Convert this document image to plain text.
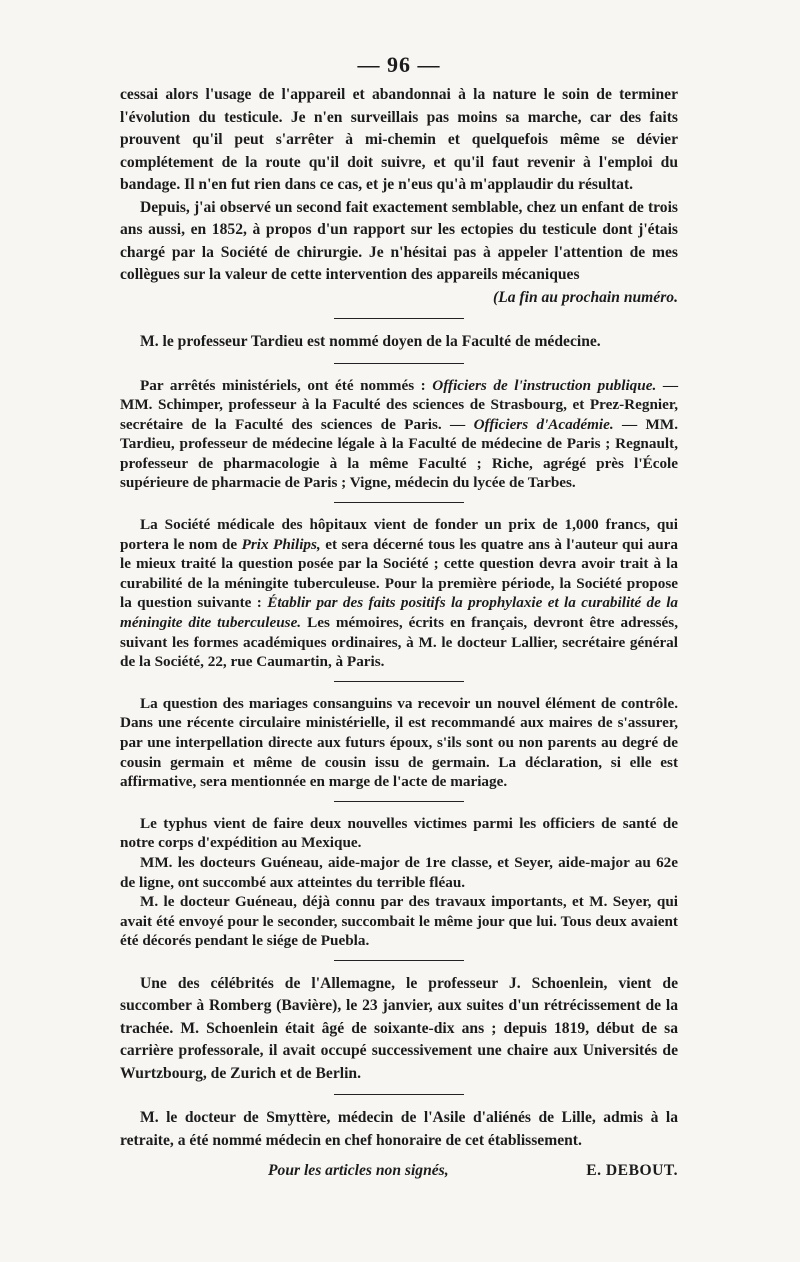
— 96 —

cessai alors l'usage de l'appareil et abandonnai à la nature le soin de terminer l'évolution du testicule. Je n'en surveillais pas moins sa marche, car des faits prouvent qu'il peut s'arrêter à mi-chemin et quelquefois même se dévier complétement de la route qu'il doit suivre, et qu'il faut revenir à l'emploi du bandage. Il n'en fut rien dans ce cas, et je n'eus qu'à m'applaudir du résultat.

Depuis, j'ai observé un second fait exactement semblable, chez un enfant de trois ans aussi, en 1852, à propos d'un rapport sur les ectopies du testicule dont j'étais chargé par la Société de chirurgie. Je n'hésitai pas à appeler l'attention de mes collègues sur la valeur de cette intervention des appareils mécaniques

(La fin au prochain numéro.

M. le professeur Tardieu est nommé doyen de la Faculté de médecine.

Par arrêtés ministériels, ont été nommés : Officiers de l'instruction publique. — MM. Schimper, professeur à la Faculté des sciences de Strasbourg, et Prez-Regnier, secrétaire de la Faculté des sciences de Paris. — Officiers d'Académie. — MM. Tardieu, professeur de médecine légale à la Faculté de médecine de Paris ; Regnault, professeur de pharmacologie à la même Faculté ; Riche, agrégé près l'École supérieure de pharmacie de Paris ; Vigne, médecin du lycée de Tarbes.

La Société médicale des hôpitaux vient de fonder un prix de 1,000 francs, qui portera le nom de Prix Philips, et sera décerné tous les quatre ans à l'auteur qui aura le mieux traité la question posée par la Société ; cette question devra avoir trait à la curabilité de la méningite tuberculeuse. Pour la première période, la Société propose la question suivante : Établir par des faits positifs la prophylaxie et la curabilité de la méningite dite tuberculeuse. Les mémoires, écrits en français, devront être adressés, suivant les formes académiques ordinaires, à M. le docteur Lallier, secrétaire général de la Société, 22, rue Caumartin, à Paris.

La question des mariages consanguins va recevoir un nouvel élément de contrôle. Dans une récente circulaire ministérielle, il est recommandé aux maires de s'assurer, par une interpellation directe aux futurs époux, s'ils sont ou non parents au degré de cousin germain et même de cousin issu de germain. La déclaration, si elle est affirmative, sera mentionnée en marge de l'acte de mariage.

Le typhus vient de faire deux nouvelles victimes parmi les officiers de santé de notre corps d'expédition au Mexique.

MM. les docteurs Guéneau, aide-major de 1re classe, et Seyer, aide-major au 62e de ligne, ont succombé aux atteintes du terrible fléau.

M. le docteur Guéneau, déjà connu par des travaux importants, et M. Seyer, qui avait été envoyé pour le seconder, succombait le même jour que lui. Tous deux avaient été décorés pendant le siége de Puebla.

Une des célébrités de l'Allemagne, le professeur J. Schoenlein, vient de succomber à Romberg (Bavière), le 23 janvier, aux suites d'un rétrécissement de la trachée. M. Schoenlein était âgé de soixante-dix ans ; depuis 1819, début de sa carrière professorale, il avait occupé successivement une chaire aux Universités de Wurtzbourg, de Zurich et de Berlin.

M. le docteur de Smyttère, médecin de l'Asile d'aliénés de Lille, admis à la retraite, a été nommé médecin en chef honoraire de cet établissement.

Pour les articles non signés,	E. DEBOUT.
